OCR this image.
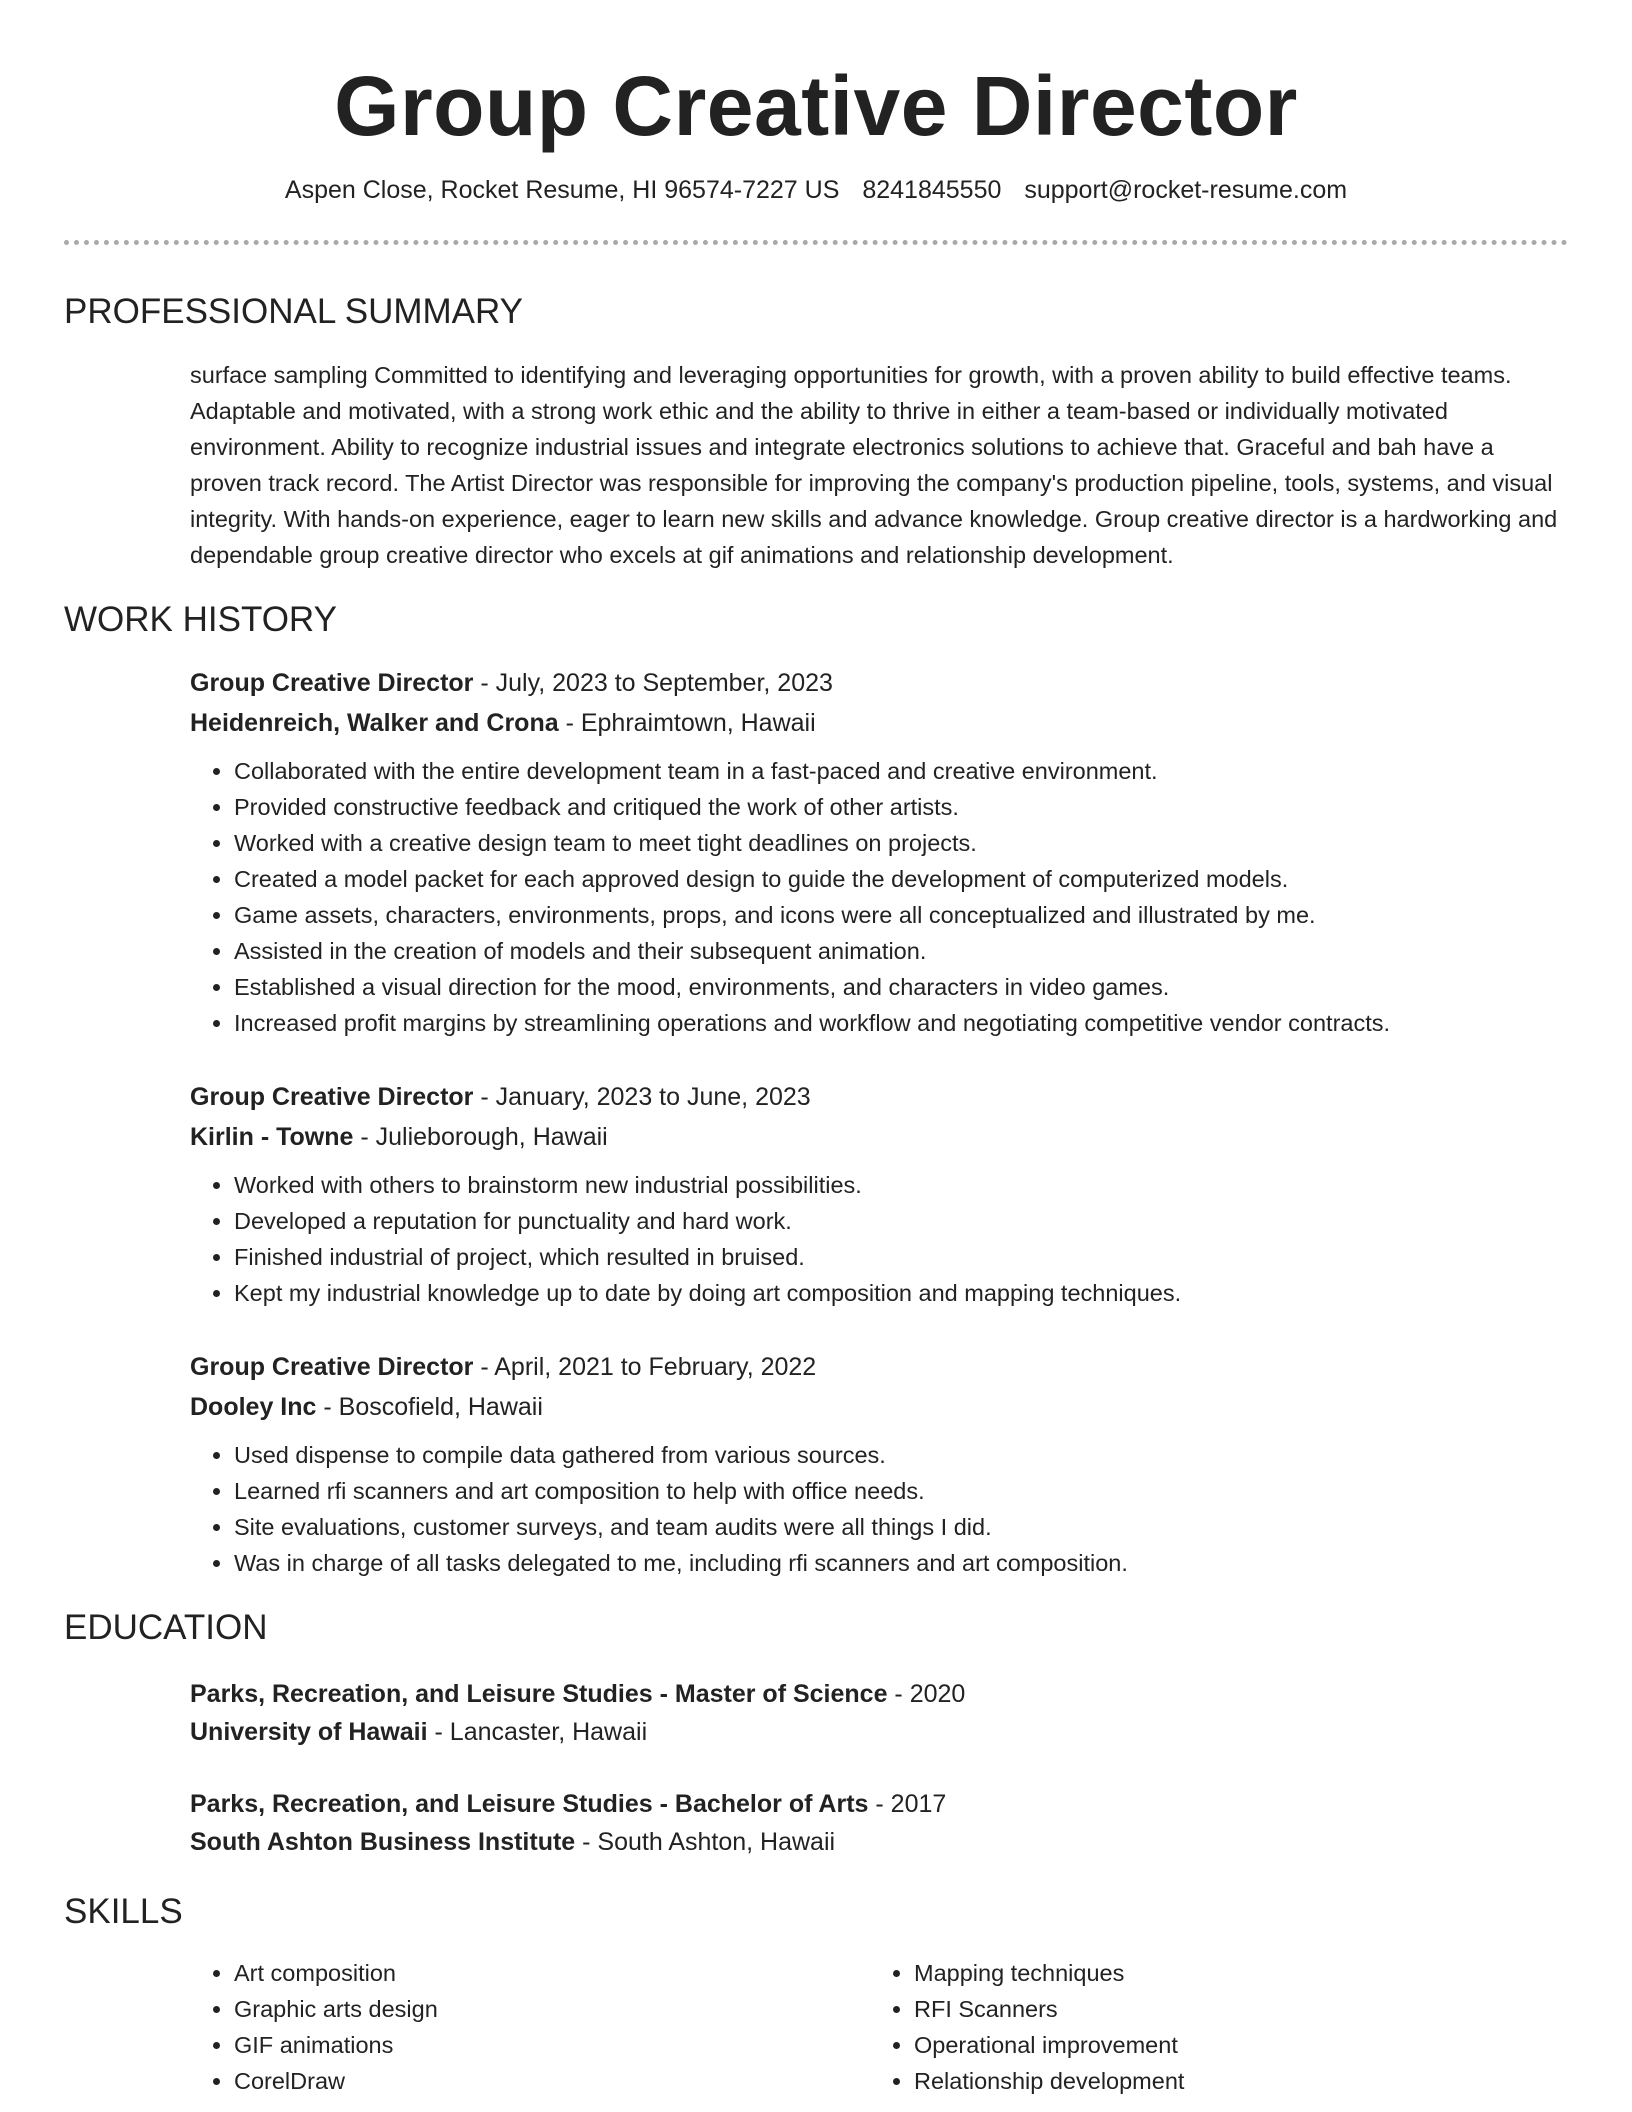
Group Creative Director
Aspen Close, Rocket Resume, HI 96574-7227 US 8241845550 support@rocket-resume.com
PROFESSIONAL SUMMARY
surface sampling Committed to identifying and leveraging opportunities for growth, with a proven ability to build effective teams. Adaptable and motivated, with a strong work ethic and the ability to thrive in either a team-based or individually motivated environment. Ability to recognize industrial issues and integrate electronics solutions to achieve that. Graceful and bah have a proven track record. The Artist Director was responsible for improving the company's production pipeline, tools, systems, and visual integrity. With hands-on experience, eager to learn new skills and advance knowledge. Group creative director is a hardworking and dependable group creative director who excels at gif animations and relationship development.
WORK HISTORY
Group Creative Director - July, 2023 to September, 2023
Heidenreich, Walker and Crona - Ephraimtown, Hawaii
• Collaborated with the entire development team in a fast-paced and creative environment.
• Provided constructive feedback and critiqued the work of other artists.
• Worked with a creative design team to meet tight deadlines on projects.
• Created a model packet for each approved design to guide the development of computerized models.
• Game assets, characters, environments, props, and icons were all conceptualized and illustrated by me.
• Assisted in the creation of models and their subsequent animation.
• Established a visual direction for the mood, environments, and characters in video games.
• Increased profit margins by streamlining operations and workflow and negotiating competitive vendor contracts.
Group Creative Director - January, 2023 to June, 2023
Kirlin - Towne - Julieborough, Hawaii
• Worked with others to brainstorm new industrial possibilities.
• Developed a reputation for punctuality and hard work.
• Finished industrial of project, which resulted in bruised.
• Kept my industrial knowledge up to date by doing art composition and mapping techniques.
Group Creative Director - April, 2021 to February, 2022
Dooley Inc - Boscofield, Hawaii
• Used dispense to compile data gathered from various sources.
• Learned rfi scanners and art composition to help with office needs.
• Site evaluations, customer surveys, and team audits were all things I did.
• Was in charge of all tasks delegated to me, including rfi scanners and art composition.
EDUCATION
Parks, Recreation, and Leisure Studies - Master of Science - 2020
University of Hawaii - Lancaster, Hawaii
Parks, Recreation, and Leisure Studies - Bachelor of Arts - 2017
South Ashton Business Institute - South Ashton, Hawaii
SKILLS
• Art composition
• Graphic arts design
• GIF animations
• CorelDraw
• Mapping techniques
• RFI Scanners
• Operational improvement
• Relationship development
